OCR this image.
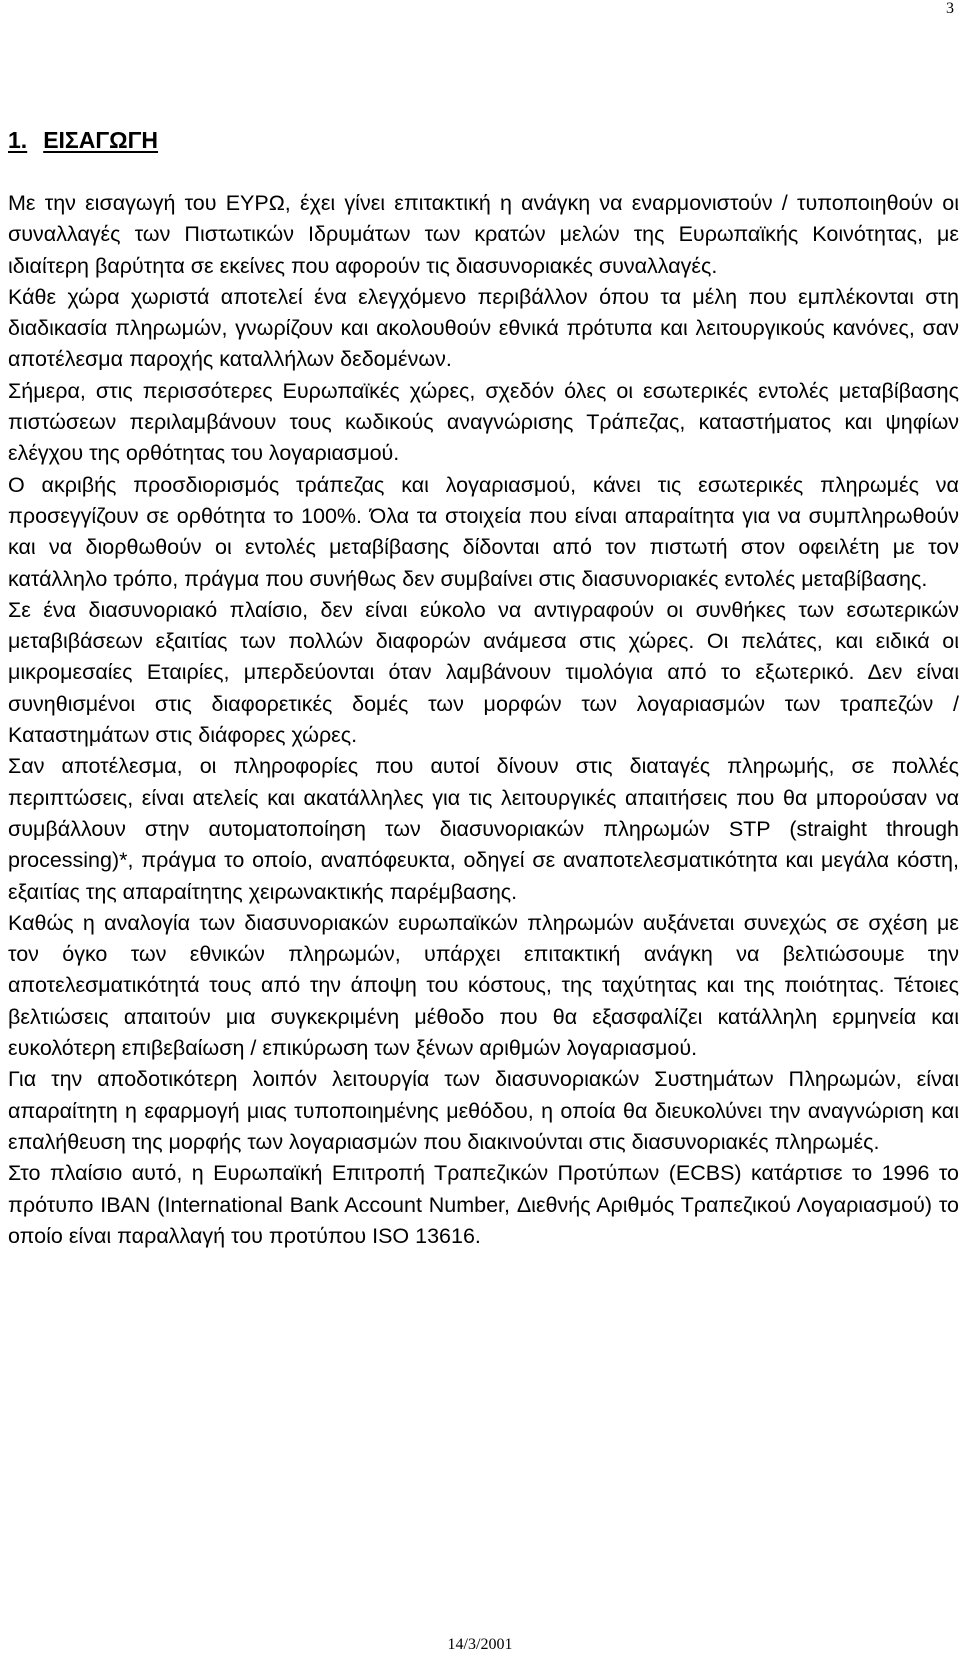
3
1. ΕΙΣΑΓΩΓΗ

Με την εισαγωγή του ΕΥΡΩ, έχει γίνει επιτακτική η ανάγκη να εναρμονιστούν / τυποποιηθούν οι συναλλαγές των Πιστωτικών Ιδρυμάτων των κρατών μελών της Ευρωπαϊκής Κοινότητας, με ιδιαίτερη βαρύτητα σε εκείνες που αφορούν τις διασυνοριακές συναλλαγές.

Κάθε χώρα χωριστά αποτελεί ένα ελεγχόμενο περιβάλλον όπου τα μέλη που εμπλέκονται στη διαδικασία πληρωμών, γνωρίζουν και ακολουθούν εθνικά πρότυπα και λειτουργικούς κανόνες, σαν αποτέλεσμα παροχής καταλλήλων δεδομένων.

Σήμερα, στις περισσότερες Ευρωπαϊκές χώρες, σχεδόν όλες οι εσωτερικές εντολές μεταβίβασης πιστώσεων περιλαμβάνουν τους κωδικούς αναγνώρισης Τράπεζας, καταστήματος και ψηφίων ελέγχου της ορθότητας του λογαριασμού.

Ο ακριβής προσδιορισμός τράπεζας και λογαριασμού, κάνει τις εσωτερικές πληρωμές να προσεγγίζουν σε ορθότητα το 100%. Όλα τα στοιχεία που είναι απαραίτητα για να συμπληρωθούν και να διορθωθούν οι εντολές μεταβίβασης δίδονται από τον πιστωτή στον οφειλέτη με τον κατάλληλο τρόπο, πράγμα που συνήθως δεν συμβαίνει στις διασυνοριακές εντολές μεταβίβασης.

Σε ένα διασυνοριακό πλαίσιο, δεν είναι εύκολο να αντιγραφούν οι συνθήκες των εσωτερικών μεταβιβάσεων εξαιτίας των πολλών διαφορών ανάμεσα στις χώρες. Οι πελάτες, και ειδικά οι μικρομεσαίες Εταιρίες, μπερδεύονται όταν λαμβάνουν τιμολόγια από το εξωτερικό. Δεν είναι συνηθισμένοι στις διαφορετικές δομές των μορφών των λογαριασμών των τραπεζών / Καταστημάτων στις διάφορες χώρες.

Σαν αποτέλεσμα, οι πληροφορίες που αυτοί δίνουν στις διαταγές πληρωμής, σε πολλές περιπτώσεις, είναι ατελείς και ακατάλληλες για τις λειτουργικές απαιτήσεις που θα μπορούσαν να συμβάλλουν στην αυτοματοποίηση των διασυνοριακών πληρωμών STP (straight through processing)*, πράγμα το οποίο, αναπόφευκτα, οδηγεί σε αναποτελεσματικότητα και μεγάλα κόστη, εξαιτίας της απαραίτητης χειρωνακτικής παρέμβασης.

Καθώς η αναλογία των διασυνοριακών ευρωπαϊκών πληρωμών αυξάνεται συνεχώς σε σχέση με τον όγκο των εθνικών πληρωμών, υπάρχει επιτακτική ανάγκη να βελτιώσουμε την αποτελεσματικότητά τους από την άποψη του κόστους, της ταχύτητας και της ποιότητας. Τέτοιες βελτιώσεις απαιτούν μια συγκεκριμένη μέθοδο που θα εξασφαλίζει κατάλληλη ερμηνεία και ευκολότερη επιβεβαίωση / επικύρωση των ξένων αριθμών λογαριασμού.

Για την αποδοτικότερη λοιπόν λειτουργία των διασυνοριακών Συστημάτων Πληρωμών, είναι απαραίτητη η εφαρμογή μιας τυποποιημένης μεθόδου, η οποία θα διευκολύνει την αναγνώριση και επαλήθευση της μορφής των λογαριασμών που διακινούνται στις διασυνοριακές πληρωμές.

Στο πλαίσιο αυτό, η Ευρωπαϊκή Επιτροπή Τραπεζικών Προτύπων (ECBS) κατάρτισε το 1996 το πρότυπο IBAN (International Bank Account Number, Διεθνής Αριθμός Τραπεζικού Λογαριασμού) το οποίο είναι παραλλαγή του προτύπου ISO 13616.

14/3/2001
